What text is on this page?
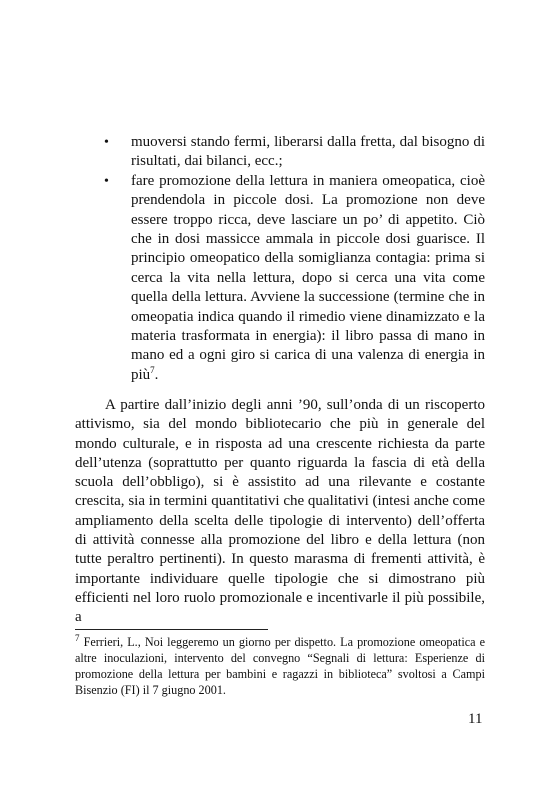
• muoversi stando fermi, liberarsi dalla fretta, dal bisogno di risultati, dai bilanci, ecc.;
• fare promozione della lettura in maniera omeopatica, cioè prendendola in piccole dosi. La promozione non deve essere troppo ricca, deve lasciare un po’ di appetito. Ciò che in dosi massicce ammala in piccole dosi guarisce. Il principio omeopatico della somiglianza contagia: prima si cerca la vita nella lettura, dopo si cerca una vita come quella della lettura. Avviene la successione (termine che in omeopatia indica quando il rimedio viene dinamizzato e la materia trasformata in energia): il libro passa di mano in mano ed a ogni giro si carica di una valenza di energia in più$^7$.

A partire dall’inizio degli anni ’90, sull’onda di un riscoperto attivismo, sia del mondo bibliotecario che più in generale del mondo culturale, e in risposta ad una crescente richiesta da parte dell’utenza (soprattutto per quanto riguarda la fascia di età della scuola dell’obbligo), si è assistito ad una rilevante e costante crescita, sia in termini quantitativi che qualitativi (intesi anche come ampliamento della scelta delle tipologie di intervento) dell’offerta di attività connesse alla promozione del libro e della lettura (non tutte peraltro pertinenti). In questo marasma di frementi attività, è importante individuare quelle tipologie che si dimostrano più efficienti nel loro ruolo promozionale e incentivarle il più possibile, a

$^7$ Ferrieri, L., Noi leggeremo un giorno per dispetto. La promozione omeopatica e altre inoculazioni, intervento del convegno “Segnali di lettura: Esperienze di promozione della lettura per bambini e ragazzi in biblioteca” svoltosi a Campi Bisenzio (FI) il 7 giugno 2001.

11
